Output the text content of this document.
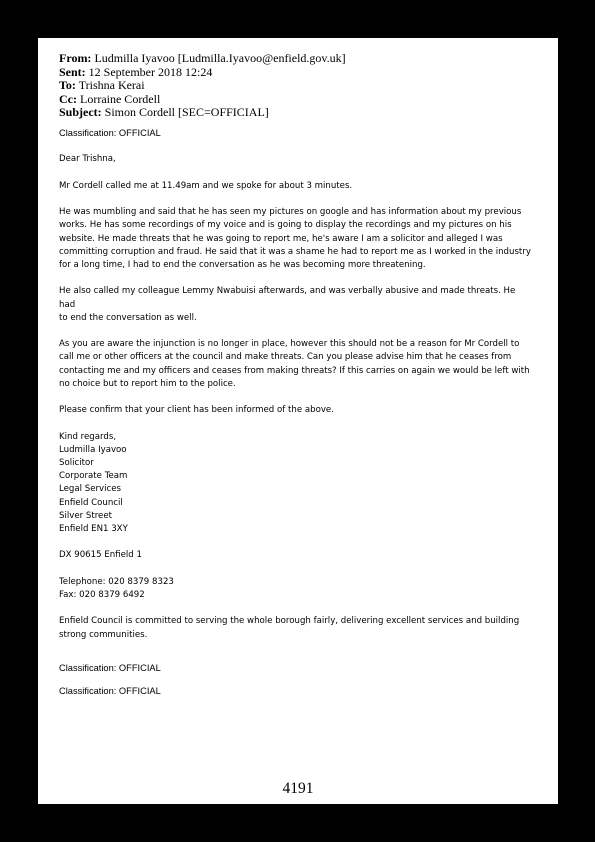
From: Ludmilla Iyavoo [Ludmilla.Iyavoo@enfield.gov.uk]
Sent: 12 September 2018 12:24
To: Trishna Kerai
Cc: Lorraine Cordell
Subject: Simon Cordell [SEC=OFFICIAL]

Classification: OFFICIAL

Dear Trishna,

Mr Cordell called me at 11.49am and we spoke for about 3 minutes.

He was mumbling and said that he has seen my pictures on google and has information about my previous

works. He has some recordings of my voice and is going to display the recordings and my pictures on his

website. He made threats that he was going to report me, he's aware I am a solicitor and alleged I was

committing corruption and fraud. He said that it was a shame he had to report me as I worked in the industry

for a long time, I had to end the conversation as he was becoming more threatening.

He also called my colleague Lemmy Nwabuisi afterwards, and was verbally abusive and made threats. He had

to end the conversation as well.

As you are aware the injunction is no longer in place, however this should not be a reason for Mr Cordell to

call me or other officers at the council and make threats. Can you please advise him that he ceases from

contacting me and my officers and ceases from making threats? If this carries on again we would be left with

no choice but to report him to the police.

Please confirm that your client has been informed of the above.

Kind regards,

Ludmilla Iyavoo

Solicitor

Corporate Team

Legal Services

Enfield Council

Silver Street

Enfield EN1 3XY

DX 90615 Enfield 1

Telephone: 020 8379 8323

Fax: 020 8379 6492

Enfield Council is committed to serving the whole borough fairly, delivering excellent services and building

strong communities.

Classification: OFFICIAL

Classification: OFFICIAL

4191
